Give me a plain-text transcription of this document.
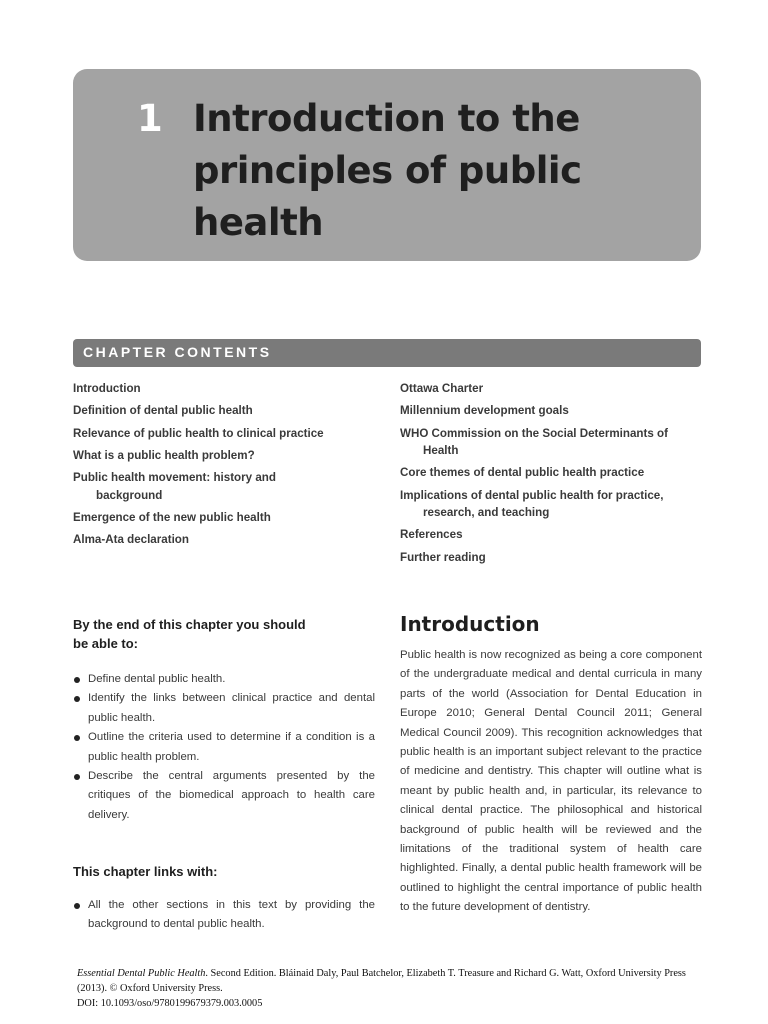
1 Introduction to the principles of public health
CHAPTER CONTENTS
Introduction
Definition of dental public health
Relevance of public health to clinical practice
What is a public health problem?
Public health movement: history and background
Emergence of the new public health
Alma-Ata declaration
Ottawa Charter
Millennium development goals
WHO Commission on the Social Determinants of Health
Core themes of dental public health practice
Implications of dental public health for practice, research, and teaching
References
Further reading

By the end of this chapter you should be able to:

Define dental public health.
Identify the links between clinical practice and dental public health.
Outline the criteria used to determine if a condition is a public health problem.
Describe the central arguments presented by the critiques of the biomedical approach to health care delivery.

This chapter links with:

All the other sections in this text by providing the background to dental public health.
Introduction

Public health is now recognized as being a core component of the undergraduate medical and dental curricula in many parts of the world (Association for Dental Education in Europe 2010; General Dental Council 2011; General Medical Council 2009). This recognition acknowledges that public health is an important subject relevant to the practice of medicine and dentistry. This chapter will outline what is meant by public health and, in particular, its relevance to clinical dental practice. The philosophical and historical background of public health will be reviewed and the limitations of the traditional system of health care highlighted. Finally, a dental public health framework will be outlined to highlight the central importance of public health to the future development of dentistry.

Essential Dental Public Health. Second Edition. Bláinaid Daly, Paul Batchelor, Elizabeth T. Treasure and Richard G. Watt, Oxford University Press (2013). © Oxford University Press.
DOI: 10.1093/oso/9780199679379.003.0005
